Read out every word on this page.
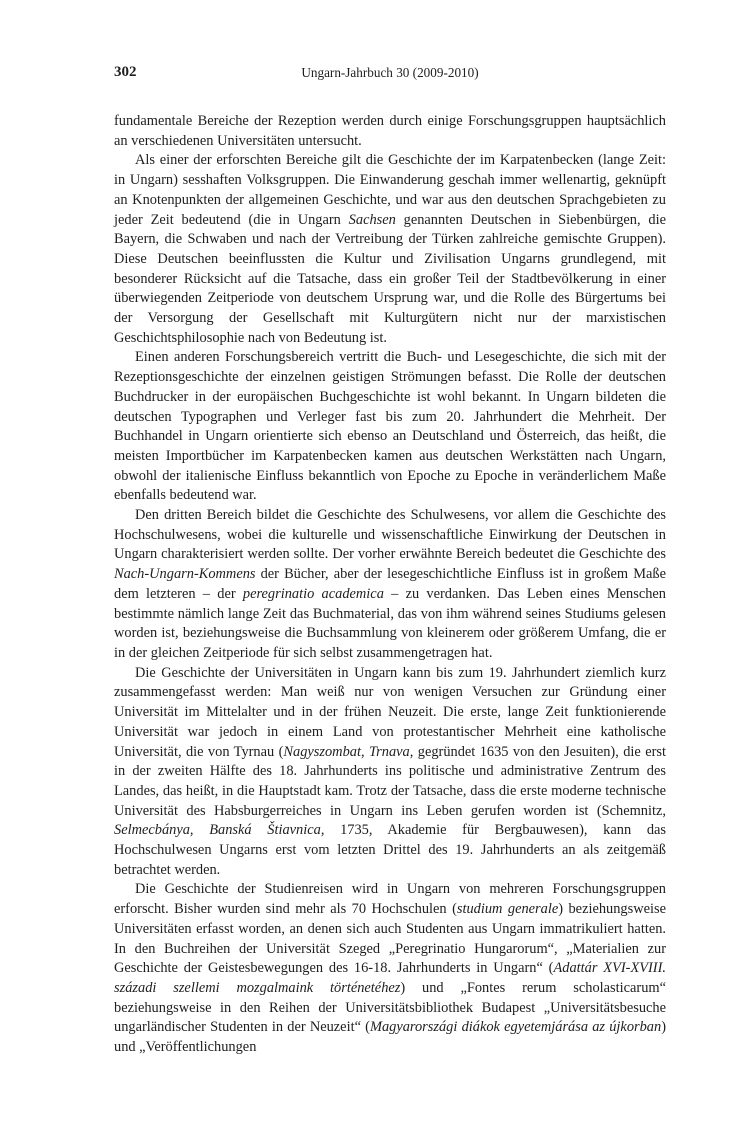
302	Ungarn-Jahrbuch 30 (2009-2010)

fundamentale Bereiche der Rezeption werden durch einige Forschungsgruppen hauptsächlich an verschiedenen Universitäten untersucht.

Als einer der erforschten Bereiche gilt die Geschichte der im Karpatenbecken (lange Zeit: in Ungarn) sesshaften Volksgruppen. Die Einwanderung geschah immer wellenartig, geknüpft an Knotenpunkten der allgemeinen Geschichte, und war aus den deutschen Sprachgebieten zu jeder Zeit bedeutend (die in Ungarn Sachsen genannten Deutschen in Siebenbürgen, die Bayern, die Schwaben und nach der Vertreibung der Türken zahlreiche gemischte Gruppen). Diese Deutschen beeinflussten die Kultur und Zivilisation Ungarns grundlegend, mit besonderer Rücksicht auf die Tatsache, dass ein großer Teil der Stadtbevölkerung in einer überwiegenden Zeitperiode von deutschem Ursprung war, und die Rolle des Bürgertums bei der Versorgung der Gesellschaft mit Kulturgütern nicht nur der marxistischen Geschichtsphilosophie nach von Bedeutung ist.

Einen anderen Forschungsbereich vertritt die Buch- und Lesegeschichte, die sich mit der Rezeptionsgeschichte der einzelnen geistigen Strömungen befasst. Die Rolle der deutschen Buchdrucker in der europäischen Buchgeschichte ist wohl bekannt. In Ungarn bildeten die deutschen Typographen und Verleger fast bis zum 20. Jahrhundert die Mehrheit. Der Buchhandel in Ungarn orientierte sich ebenso an Deutschland und Österreich, das heißt, die meisten Importbücher im Karpatenbecken kamen aus deutschen Werkstätten nach Ungarn, obwohl der italienische Einfluss bekanntlich von Epoche zu Epoche in veränderlichem Maße ebenfalls bedeutend war.

Den dritten Bereich bildet die Geschichte des Schulwesens, vor allem die Geschichte des Hochschulwesens, wobei die kulturelle und wissenschaftliche Einwirkung der Deutschen in Ungarn charakterisiert werden sollte. Der vorher erwähnte Bereich bedeutet die Geschichte des Nach-Ungarn-Kommens der Bücher, aber der lesegeschichtliche Einfluss ist in großem Maße dem letzteren – der peregrinatio academica – zu verdanken. Das Leben eines Menschen bestimmte nämlich lange Zeit das Buchmaterial, das von ihm während seines Studiums gelesen worden ist, beziehungsweise die Buchsammlung von kleinerem oder größerem Umfang, die er in der gleichen Zeitperiode für sich selbst zusammengetragen hat.

Die Geschichte der Universitäten in Ungarn kann bis zum 19. Jahrhundert ziemlich kurz zusammengefasst werden: Man weiß nur von wenigen Versuchen zur Gründung einer Universität im Mittelalter und in der frühen Neuzeit. Die erste, lange Zeit funktionierende Universität war jedoch in einem Land von protestantischer Mehrheit eine katholische Universität, die von Tyrnau (Nagyszombat, Trnava, gegründet 1635 von den Jesuiten), die erst in der zweiten Hälfte des 18. Jahrhunderts ins politische und administrative Zentrum des Landes, das heißt, in die Hauptstadt kam. Trotz der Tatsache, dass die erste moderne technische Universität des Habsburgerreiches in Ungarn ins Leben gerufen worden ist (Schemnitz, Selmecbánya, Banská Štiavnica, 1735, Akademie für Bergbauwesen), kann das Hochschulwesen Ungarns erst vom letzten Drittel des 19. Jahrhunderts an als zeitgemäß betrachtet werden.

Die Geschichte der Studienreisen wird in Ungarn von mehreren Forschungsgruppen erforscht. Bisher wurden sind mehr als 70 Hochschulen (studium generale) beziehungsweise Universitäten erfasst worden, an denen sich auch Studenten aus Ungarn immatrikuliert hatten. In den Buchreihen der Universität Szeged „Peregrinatio Hungarorum“, „Materialien zur Geschichte der Geistesbewegungen des 16-18. Jahrhunderts in Ungarn“ (Adattár XVI-XVIII. századi szellemi mozgalmaink történetéhez) und „Fontes rerum scholasticarum“ beziehungsweise in den Reihen der Universitätsbibliothek Budapest „Universitätsbesuche ungarländischer Studenten in der Neuzeit“ (Magyarországi diákok egyetemjárása az újkorban) und „Veröffentlichungen
